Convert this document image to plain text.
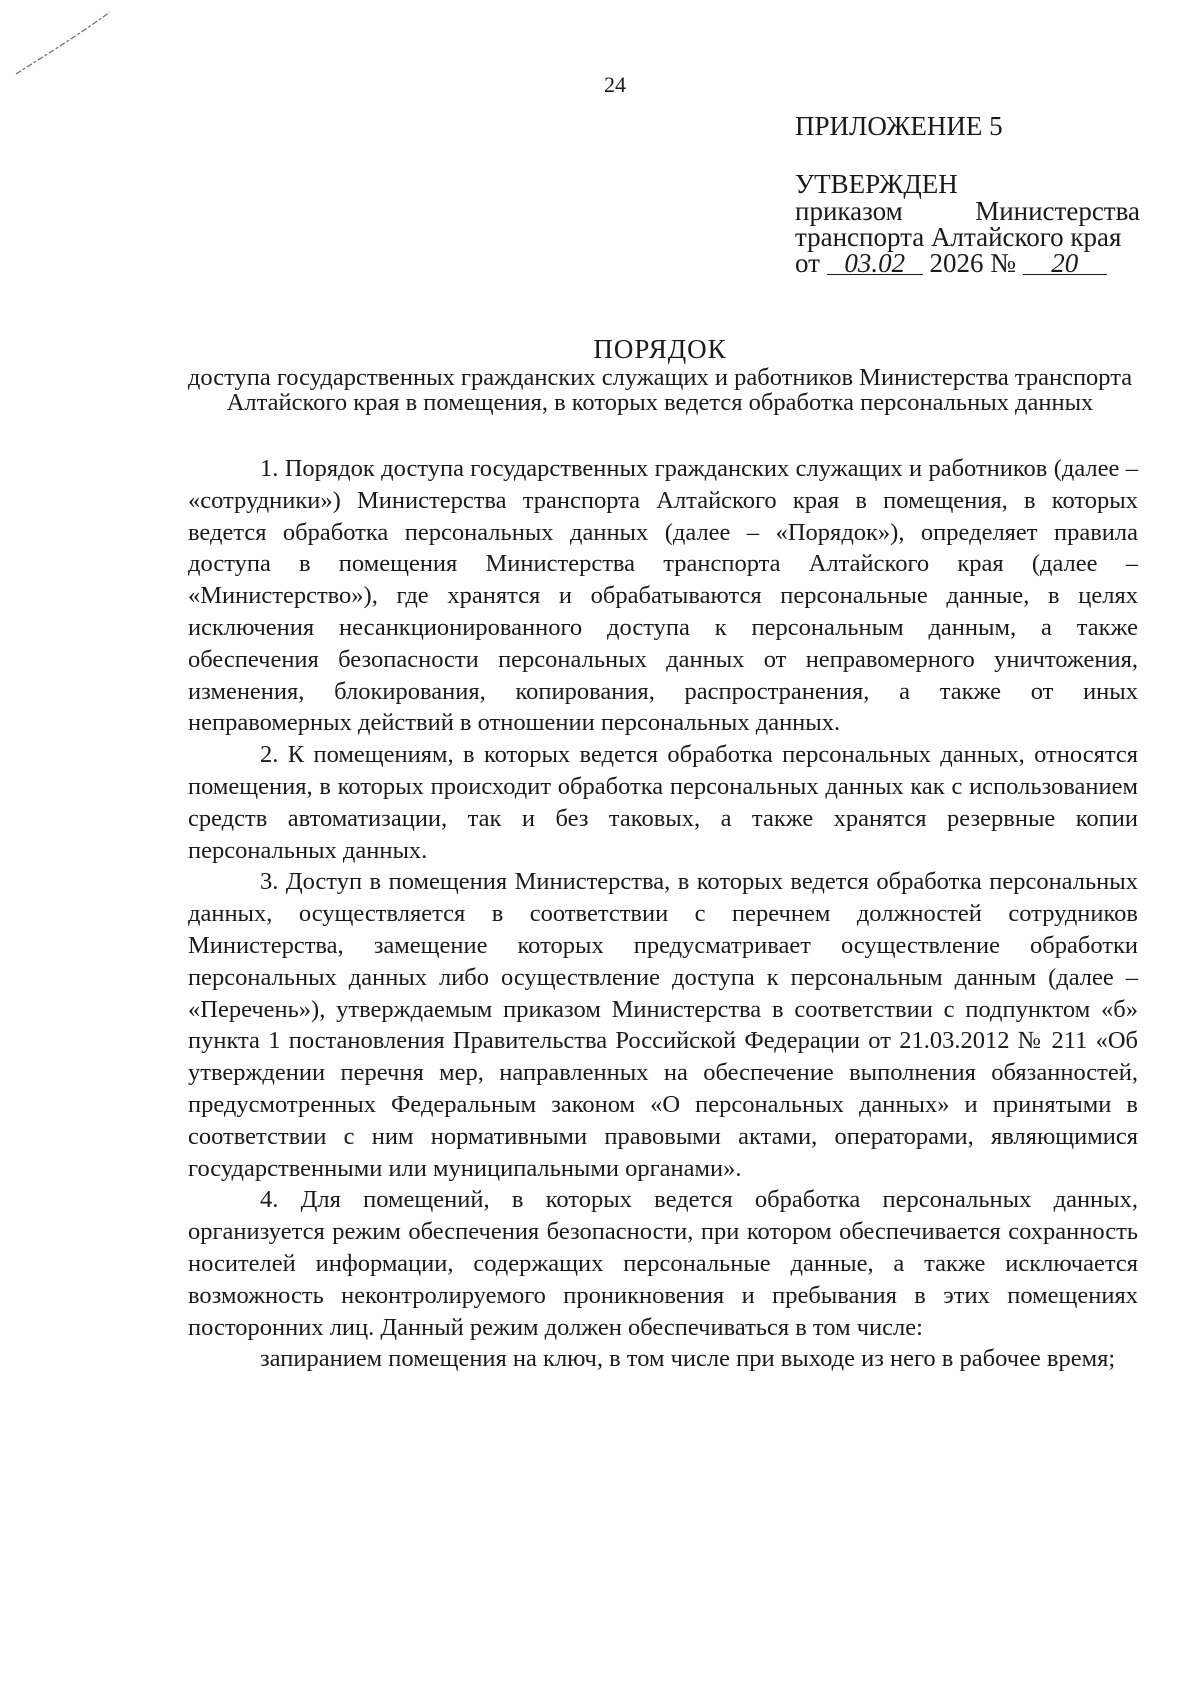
24

ПРИЛОЖЕНИЕ 5

УТВЕРЖДЕН

приказом	Министерства
транспорта Алтайского края
от 03.02 2026 № 20
ПОРЯДОК

доступа государственных гражданских служащих и работников Министерства транспорта Алтайского края в помещения, в которых ведется обработка персональных данных

1. Порядок доступа государственных гражданских служащих и работников (далее – «сотрудники») Министерства транспорта Алтайского края в помещения, в которых ведется обработка персональных данных (далее – «Порядок»), определяет правила доступа в помещения Министерства транспорта Алтайского края (далее – «Министерство»), где хранятся и обрабатываются персональные данные, в целях исключения несанкционированного доступа к персональным данным, а также обеспечения безопасности персональных данных от неправомерного уничтожения, изменения, блокирования, копирования, распространения, а также от иных неправомерных действий в отношении персональных данных.

2. К помещениям, в которых ведется обработка персональных данных, относятся помещения, в которых происходит обработка персональных данных как с использованием средств автоматизации, так и без таковых, а также хранятся резервные копии персональных данных.

3. Доступ в помещения Министерства, в которых ведется обработка персональных данных, осуществляется в соответствии с перечнем должностей сотрудников Министерства, замещение которых предусматривает осуществление обработки персональных данных либо осуществление доступа к персональным данным (далее – «Перечень»), утверждаемым приказом Министерства в соответствии с подпунктом «б» пункта 1 постановления Правительства Российской Федерации от 21.03.2012 № 211 «Об утверждении перечня мер, направленных на обеспечение выполнения обязанностей, предусмотренных Федеральным законом «О персональных данных» и принятыми в соответствии с ним нормативными правовыми актами, операторами, являющимися государственными или муниципальными органами».

4. Для помещений, в которых ведется обработка персональных данных, организуется режим обеспечения безопасности, при котором обеспечивается сохранность носителей информации, содержащих персональные данные, а также исключается возможность неконтролируемого проникновения и пребывания в этих помещениях посторонних лиц. Данный режим должен обеспечиваться в том числе:

запиранием помещения на ключ, в том числе при выходе из него в рабочее время;
